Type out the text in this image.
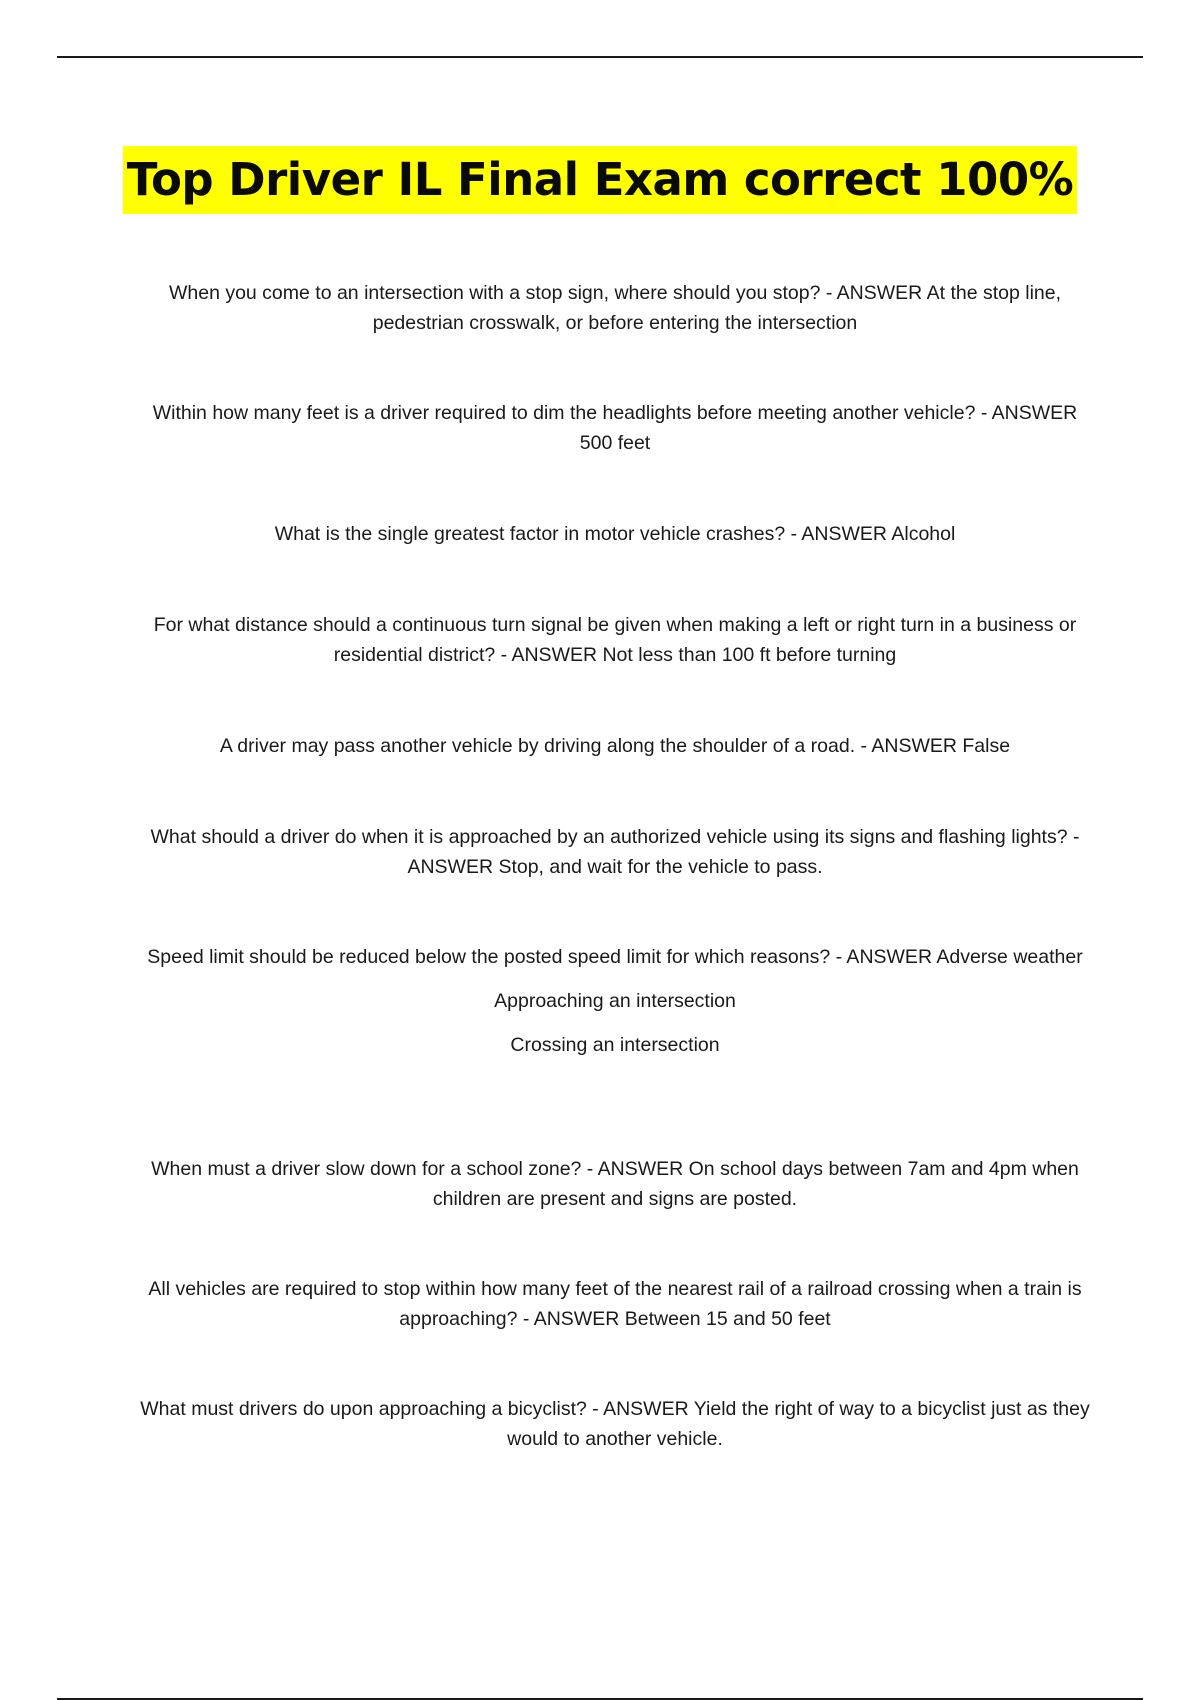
Top Driver IL Final Exam correct 100%
When you come to an intersection with a stop sign, where should you stop? - ANSWER At the stop line, pedestrian crosswalk, or before entering the intersection
Within how many feet is a driver required to dim the headlights before meeting another vehicle? - ANSWER 500 feet
What is the single greatest factor in motor vehicle crashes? - ANSWER Alcohol
For what distance should a continuous turn signal be given when making a left or right turn in a business or residential district? - ANSWER Not less than 100 ft before turning
A driver may pass another vehicle by driving along the shoulder of a road. - ANSWER False
What should a driver do when it is approached by an authorized vehicle using its signs and flashing lights? - ANSWER Stop, and wait for the vehicle to pass.
Speed limit should be reduced below the posted speed limit for which reasons? - ANSWER Adverse weather
Approaching an intersection
Crossing an intersection
When must a driver slow down for a school zone? - ANSWER On school days between 7am and 4pm when children are present and signs are posted.
All vehicles are required to stop within how many feet of the nearest rail of a railroad crossing when a train is approaching? - ANSWER Between 15 and 50 feet
What must drivers do upon approaching a bicyclist? - ANSWER Yield the right of way to a bicyclist just as they would to another vehicle.
